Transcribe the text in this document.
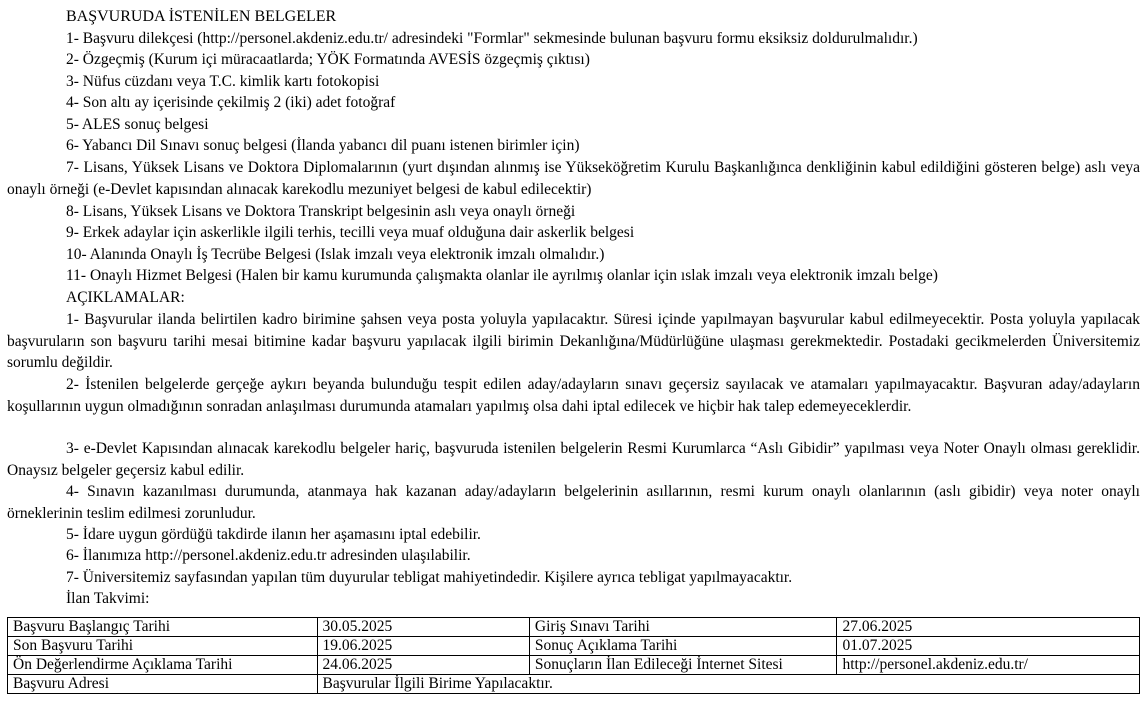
BAŞVURUDA İSTENİLEN BELGELER
1- Başvuru dilekçesi (http://personel.akdeniz.edu.tr/ adresindeki "Formlar" sekmesinde bulunan başvuru formu eksiksiz doldurulmalıdır.)
2- Özgeçmiş (Kurum içi müracaatlarda; YÖK Formatında AVESİS özgeçmiş çıktısı)
3- Nüfus cüzdanı veya T.C. kimlik kartı fotokopisi
4- Son altı ay içerisinde çekilmiş 2 (iki) adet fotoğraf
5- ALES sonuç belgesi
6- Yabancı Dil Sınavı sonuç belgesi (İlanda yabancı dil puanı istenen birimler için)
7- Lisans, Yüksek Lisans ve Doktora Diplomalarının (yurt dışından alınmış ise Yükseköğretim Kurulu Başkanlığınca denkliğinin kabul edildiğini gösteren belge) aslı veya onaylı örneği (e-Devlet kapısından alınacak karekodlu mezuniyet belgesi de kabul edilecektir)
8- Lisans, Yüksek Lisans ve Doktora Transkript belgesinin aslı veya onaylı örneği
9- Erkek adaylar için askerlikle ilgili terhis, tecilli veya muaf olduğuna dair askerlik belgesi
10- Alanında Onaylı İş Tecrübe Belgesi (Islak imzalı veya elektronik imzalı olmalıdır.)
11- Onaylı Hizmet Belgesi (Halen bir kamu kurumunda çalışmakta olanlar ile ayrılmış olanlar için ıslak imzalı veya elektronik imzalı belge)
AÇIKLAMALAR:
1- Başvurular ilanda belirtilen kadro birimine şahsen veya posta yoluyla yapılacaktır. Süresi içinde yapılmayan başvurular kabul edilmeyecektir. Posta yoluyla yapılacak başvuruların son başvuru tarihi mesai bitimine kadar başvuru yapılacak ilgili birimin Dekanlığına/Müdürlüğüne ulaşması gerekmektedir. Postadaki gecikmelerden Üniversitemiz sorumlu değildir.
2- İstenilen belgelerde gerçeğe aykırı beyanda bulunduğu tespit edilen aday/adayların sınavı geçersiz sayılacak ve atamaları yapılmayacaktır. Başvuran aday/adayların koşullarının uygun olmadığının sonradan anlaşılması durumunda atamaları yapılmış olsa dahi iptal edilecek ve hiçbir hak talep edemeyeceklerdir.
3- e-Devlet Kapısından alınacak karekodlu belgeler hariç, başvuruda istenilen belgelerin Resmi Kurumlarca “Aslı Gibidir” yapılması veya Noter Onaylı olması gereklidir. Onaysız belgeler geçersiz kabul edilir.
4- Sınavın kazanılması durumunda, atanmaya hak kazanan aday/adayların belgelerinin asıllarının, resmi kurum onaylı olanlarının (aslı gibidir) veya noter onaylı örneklerinin teslim edilmesi zorunludur.
5- İdare uygun gördüğü takdirde ilanın her aşamasını iptal edebilir.
6- İlanımıza http://personel.akdeniz.edu.tr adresinden ulaşılabilir.
7- Üniversitemiz sayfasından yapılan tüm duyurular tebligat mahiyetindedir. Kişilere ayrıca tebligat yapılmayacaktır.
İlan Takvimi:
Başvuru Başlangıç Tarihi	30.05.2025	Giriş Sınavı Tarihi	27.06.2025
Son Başvuru Tarihi	19.06.2025	Sonuç Açıklama Tarihi	01.07.2025
Ön Değerlendirme Açıklama Tarihi	24.06.2025	Sonuçların İlan Edileceği İnternet Sitesi	http://personel.akdeniz.edu.tr/
Başvuru Adresi	Başvurular İlgili Birime Yapılacaktır.		
